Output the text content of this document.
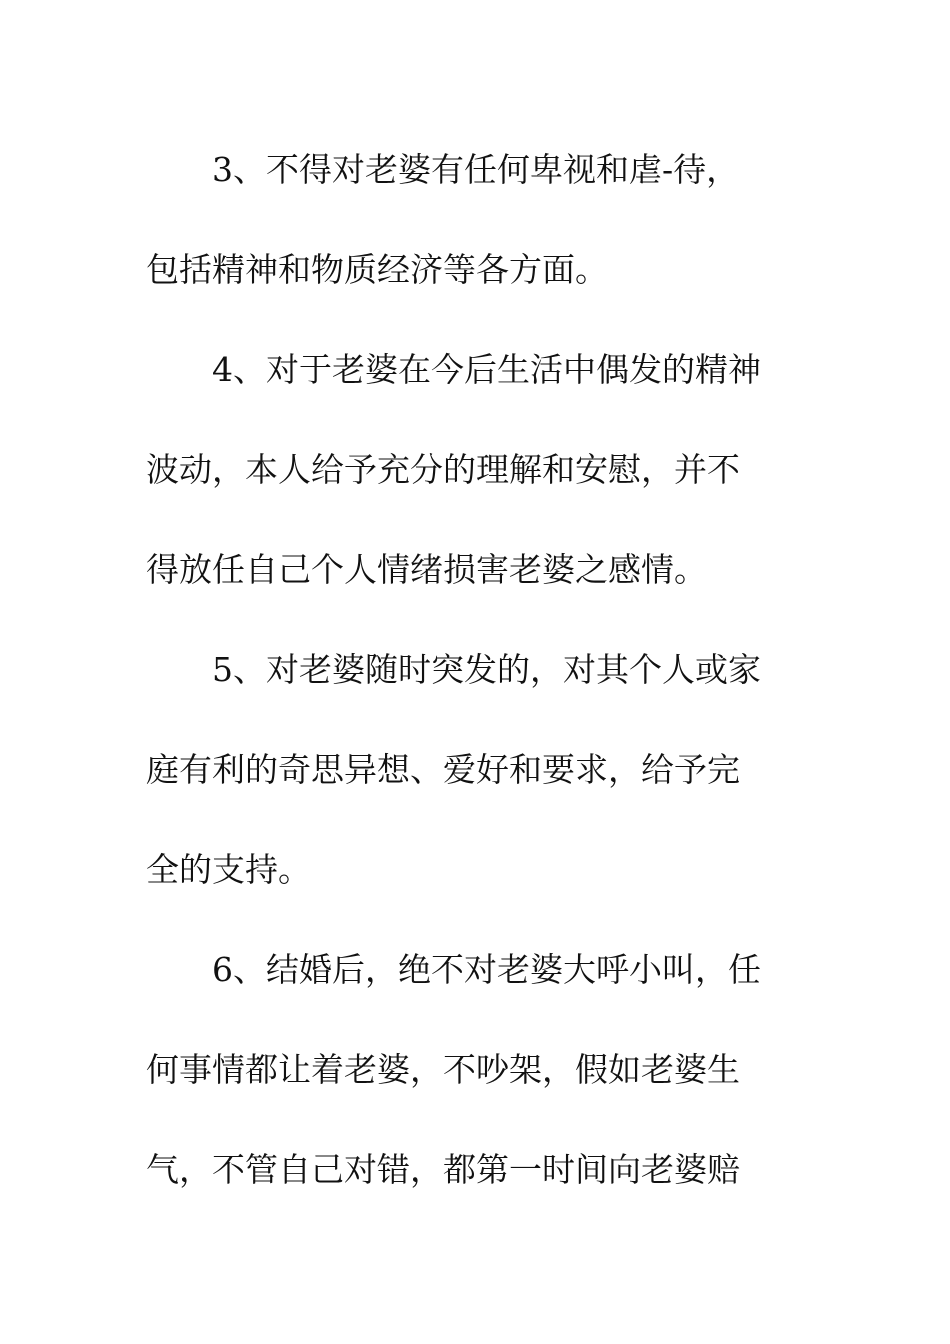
3、不得对老婆有任何卑视和虐-待，
包括精神和物质经济等各方面。
4、对于老婆在今后生活中偶发的精神
波动，本人给予充分的理解和安慰，并不
得放任自己个人情绪损害老婆之感情。
5、对老婆随时突发的，对其个人或家
庭有利的奇思异想、爱好和要求，给予完
全的支持。
6、结婚后，绝不对老婆大呼小叫，任
何事情都让着老婆，不吵架，假如老婆生
气，不管自己对错，都第一时间向老婆赔
